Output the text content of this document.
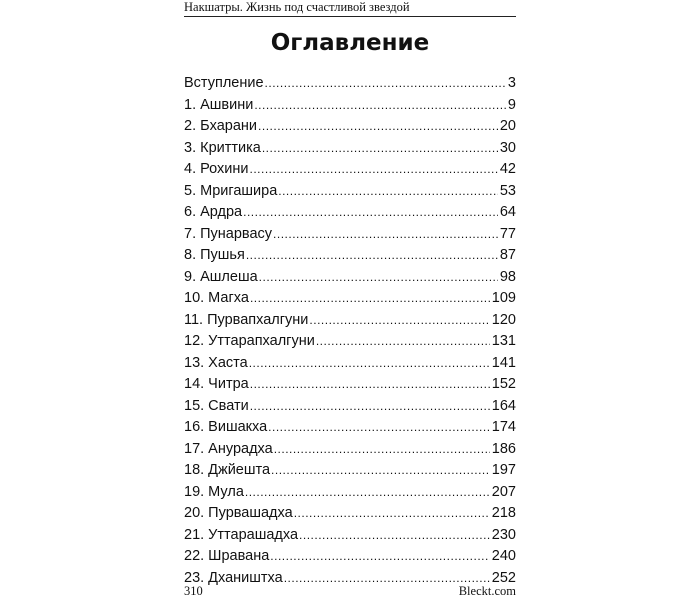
Накшатры. Жизнь под счастливой звездой
Оглавление
Вступление .....	3
1. Ашвини .....	9
2. Бхарани .....	20
3. Криттика .....	30
4. Рохини .....	42
5. Мригашира .....	53
6. Ардра .....	64
7. Пунарвасу .....	77
8. Пушья .....	87
9. Ашлеша .....	98
10. Магха .....	109
11. Пурвапхалгуни .....	120
12. Уттарапхалгуни .....	131
13. Хаста .....	141
14. Читра .....	152
15. Свати .....	164
16. Вишакха .....	174
17. Анурадха .....	186
18. Джйешта .....	197
19. Мула .....	207
20. Пурвашадха .....	218
21. Уттарашадха .....	230
22. Шравана .....	240
23. Дхаништха .....	252
310	Bleckt.com
